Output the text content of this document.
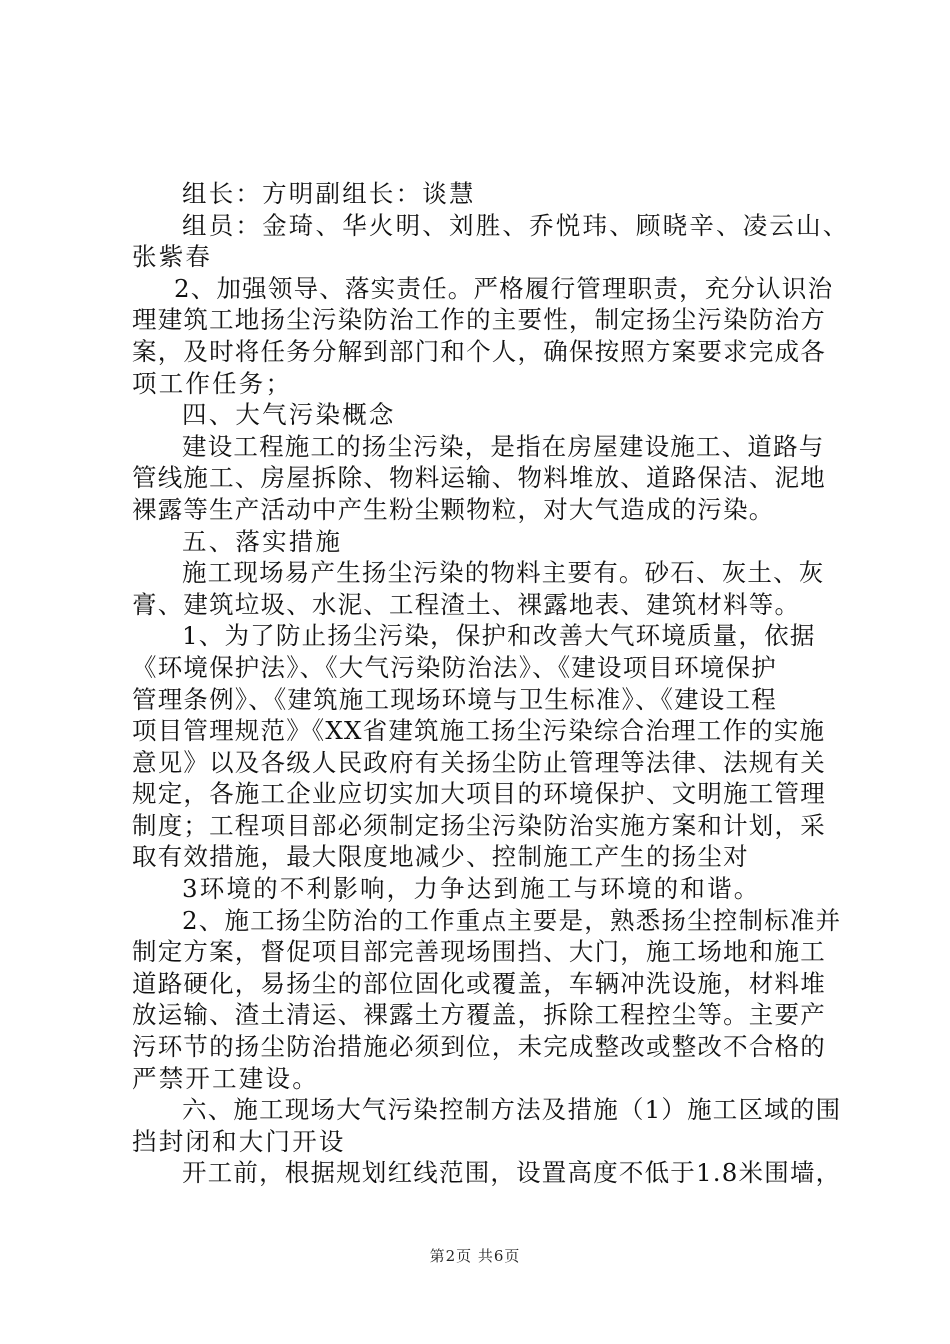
组长：方明副组长：谈慧
组员：金琦、华火明、刘胜、乔悦玮、顾晓辛、凌云山、
张紫春
2、加强领导、落实责任。严格履行管理职责，充分认识治
理建筑工地扬尘污染防治工作的主要性，制定扬尘污染防治方
案，及时将任务分解到部门和个人，确保按照方案要求完成各
项工作任务；
四、大气污染概念
建设工程施工的扬尘污染，是指在房屋建设施工、道路与
管线施工、房屋拆除、物料运输、物料堆放、道路保洁、泥地
裸露等生产活动中产生粉尘颗物粒，对大气造成的污染。
五、落实措施
施工现场易产生扬尘污染的物料主要有。砂石、灰土、灰
膏、建筑垃圾、水泥、工程渣土、裸露地表、建筑材料等。
1、为了防止扬尘污染，保护和改善大气环境质量，依据
《环境保护法》、《大气污染防治法》、《建设项目环境保护
管理条例》、《建筑施工现场环境与卫生标准》、《建设工程
项目管理规范》《XX省建筑施工扬尘污染综合治理工作的实施
意见》以及各级人民政府有关扬尘防止管理等法律、法规有关
规定，各施工企业应切实加大项目的环境保护、文明施工管理
制度；工程项目部必须制定扬尘污染防治实施方案和计划，采
取有效措施，最大限度地减少、控制施工产生的扬尘对
3环境的不利影响，力争达到施工与环境的和谐。
2、施工扬尘防治的工作重点主要是，熟悉扬尘控制标准并
制定方案，督促项目部完善现场围挡、大门，施工场地和施工
道路硬化，易扬尘的部位固化或覆盖，车辆冲洗设施，材料堆
放运输、渣土清运、裸露土方覆盖，拆除工程控尘等。主要产
污环节的扬尘防治措施必须到位，未完成整改或整改不合格的
严禁开工建设。
六、施工现场大气污染控制方法及措施（1）施工区域的围
挡封闭和大门开设
开工前，根据规划红线范围，设置高度不低于1.8米围墙，
第2页 共6页
